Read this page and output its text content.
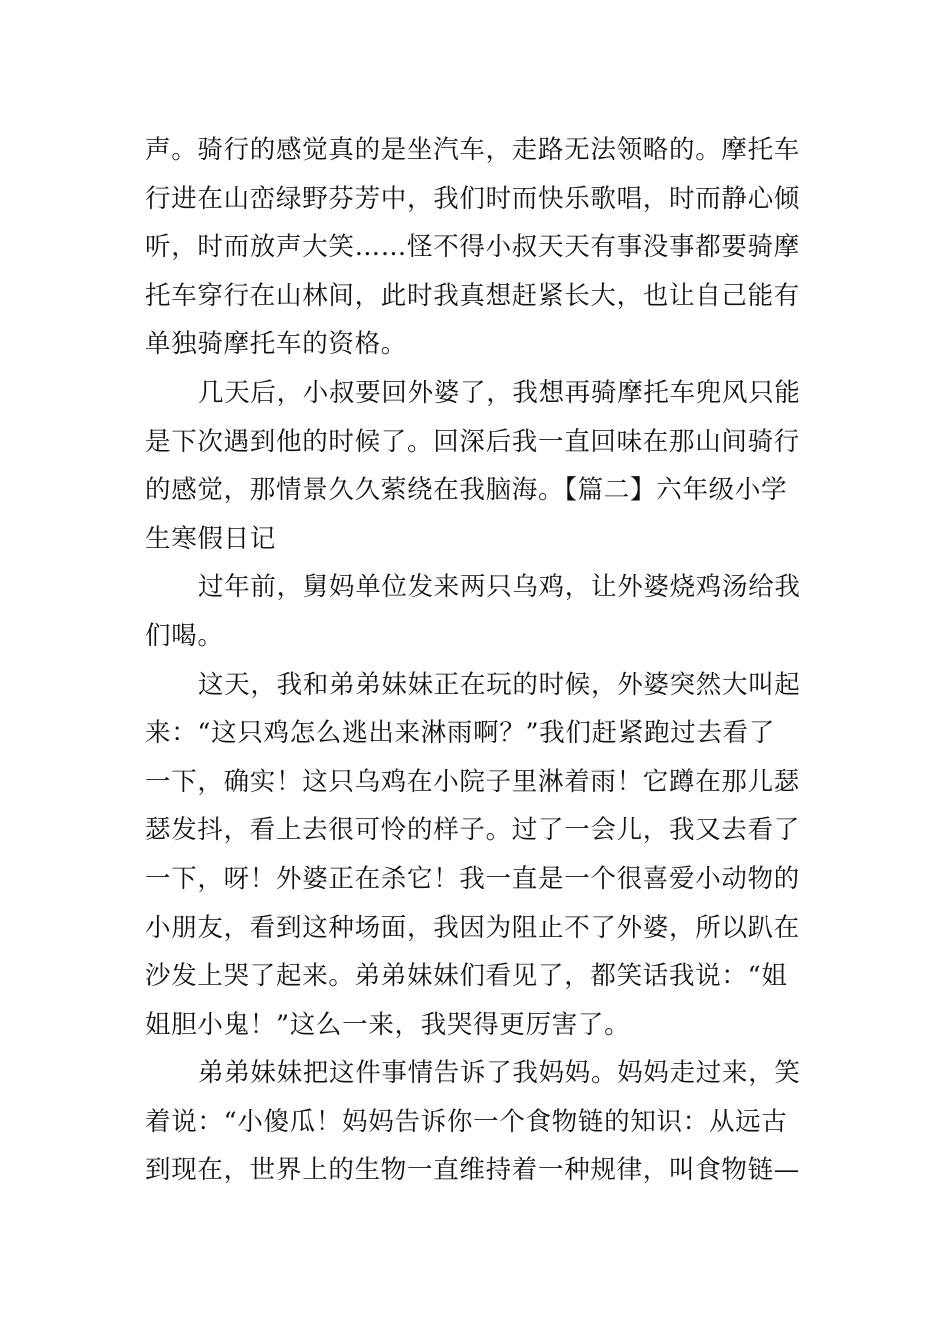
声。骑行的感觉真的是坐汽车，走路无法领略的。摩托车
行进在山峦绿野芬芳中，我们时而快乐歌唱，时而静心倾
听，时而放声大笑……怪不得小叔天天有事没事都要骑摩
托车穿行在山林间，此时我真想赶紧长大，也让自己能有
单独骑摩托车的资格。
几天后，小叔要回外婆了，我想再骑摩托车兜风只能
是下次遇到他的时候了。回深后我一直回味在那山间骑行
的感觉，那情景久久萦绕在我脑海。【篇二】六年级小学
生寒假日记
过年前，舅妈单位发来两只乌鸡，让外婆烧鸡汤给我
们喝。
这天，我和弟弟妹妹正在玩的时候，外婆突然大叫起
来：“这只鸡怎么逃出来淋雨啊？”我们赶紧跑过去看了
一下，确实！这只乌鸡在小院子里淋着雨！它蹲在那儿瑟
瑟发抖，看上去很可怜的样子。过了一会儿，我又去看了
一下，呀！外婆正在杀它！我一直是一个很喜爱小动物的
小朋友，看到这种场面，我因为阻止不了外婆，所以趴在
沙发上哭了起来。弟弟妹妹们看见了，都笑话我说：“姐
姐胆小鬼！”这么一来，我哭得更厉害了。
弟弟妹妹把这件事情告诉了我妈妈。妈妈走过来，笑
着说：“小傻瓜！妈妈告诉你一个食物链的知识：从远古
到现在，世界上的生物一直维持着一种规律，叫食物链—
